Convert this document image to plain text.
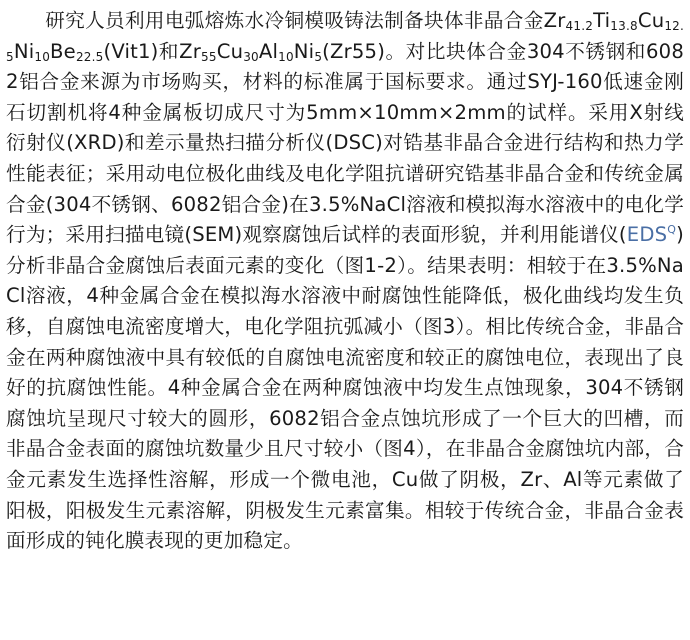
研究人员利用电弧熔炼水冷铜模吸铸法制备块体非晶合金$Zr_{41.2}Ti_{13.8}Cu_{12.5}Ni_{10}Be_{22.5}(Vit1)$和$Zr_{55}Cu_{30}Al_{10}Ni_5(Zr55)$。对比块体合金304不锈钢和6082铝合金来源为市场购买，材料的标准属于国标要求。通过SYJ-160低速金刚石切割机将4种金属板切成尺寸为5mm×10mm×2mm的试样。采用X射线衍射仪(XRD)和差示量热扫描分析仪(DSC)对锆基非晶合金进行结构和热力学性能表征；采用动电位极化曲线及电化学阻抗谱研究锆基非晶合金和传统金属合金(304不锈钢、6082铝合金)在3.5%NaCl溶液和模拟海水溶液中的电化学行为；采用扫描电镜(SEM)观察腐蚀后试样的表面形貌，并利用能谱仪$(EDS^Q)$分析非晶合金腐蚀后表面元素的变化（图1-2）。结果表明：相较于在3.5%NaCl溶液，4种金属合金在模拟海水溶液中耐腐蚀性能降低，极化曲线均发生负移，自腐蚀电流密度增大，电化学阻抗弧减小（图3）。相比传统合金，非晶合金在两种腐蚀液中具有较低的自腐蚀电流密度和较正的腐蚀电位，表现出了良好的抗腐蚀性能。4种金属合金在两种腐蚀液中均发生点蚀现象，304不锈钢腐蚀坑呈现尺寸较大的圆形，6082铝合金点蚀坑形成了一个巨大的凹槽，而非晶合金表面的腐蚀坑数量少且尺寸较小（图4），在非晶合金腐蚀坑内部，合金元素发生选择性溶解，形成一个微电池，Cu做了阴极，Zr、Al等元素做了阳极，阳极发生元素溶解，阴极发生元素富集。相较于传统合金，非晶合金表面形成的钝化膜表现的更加稳定。
